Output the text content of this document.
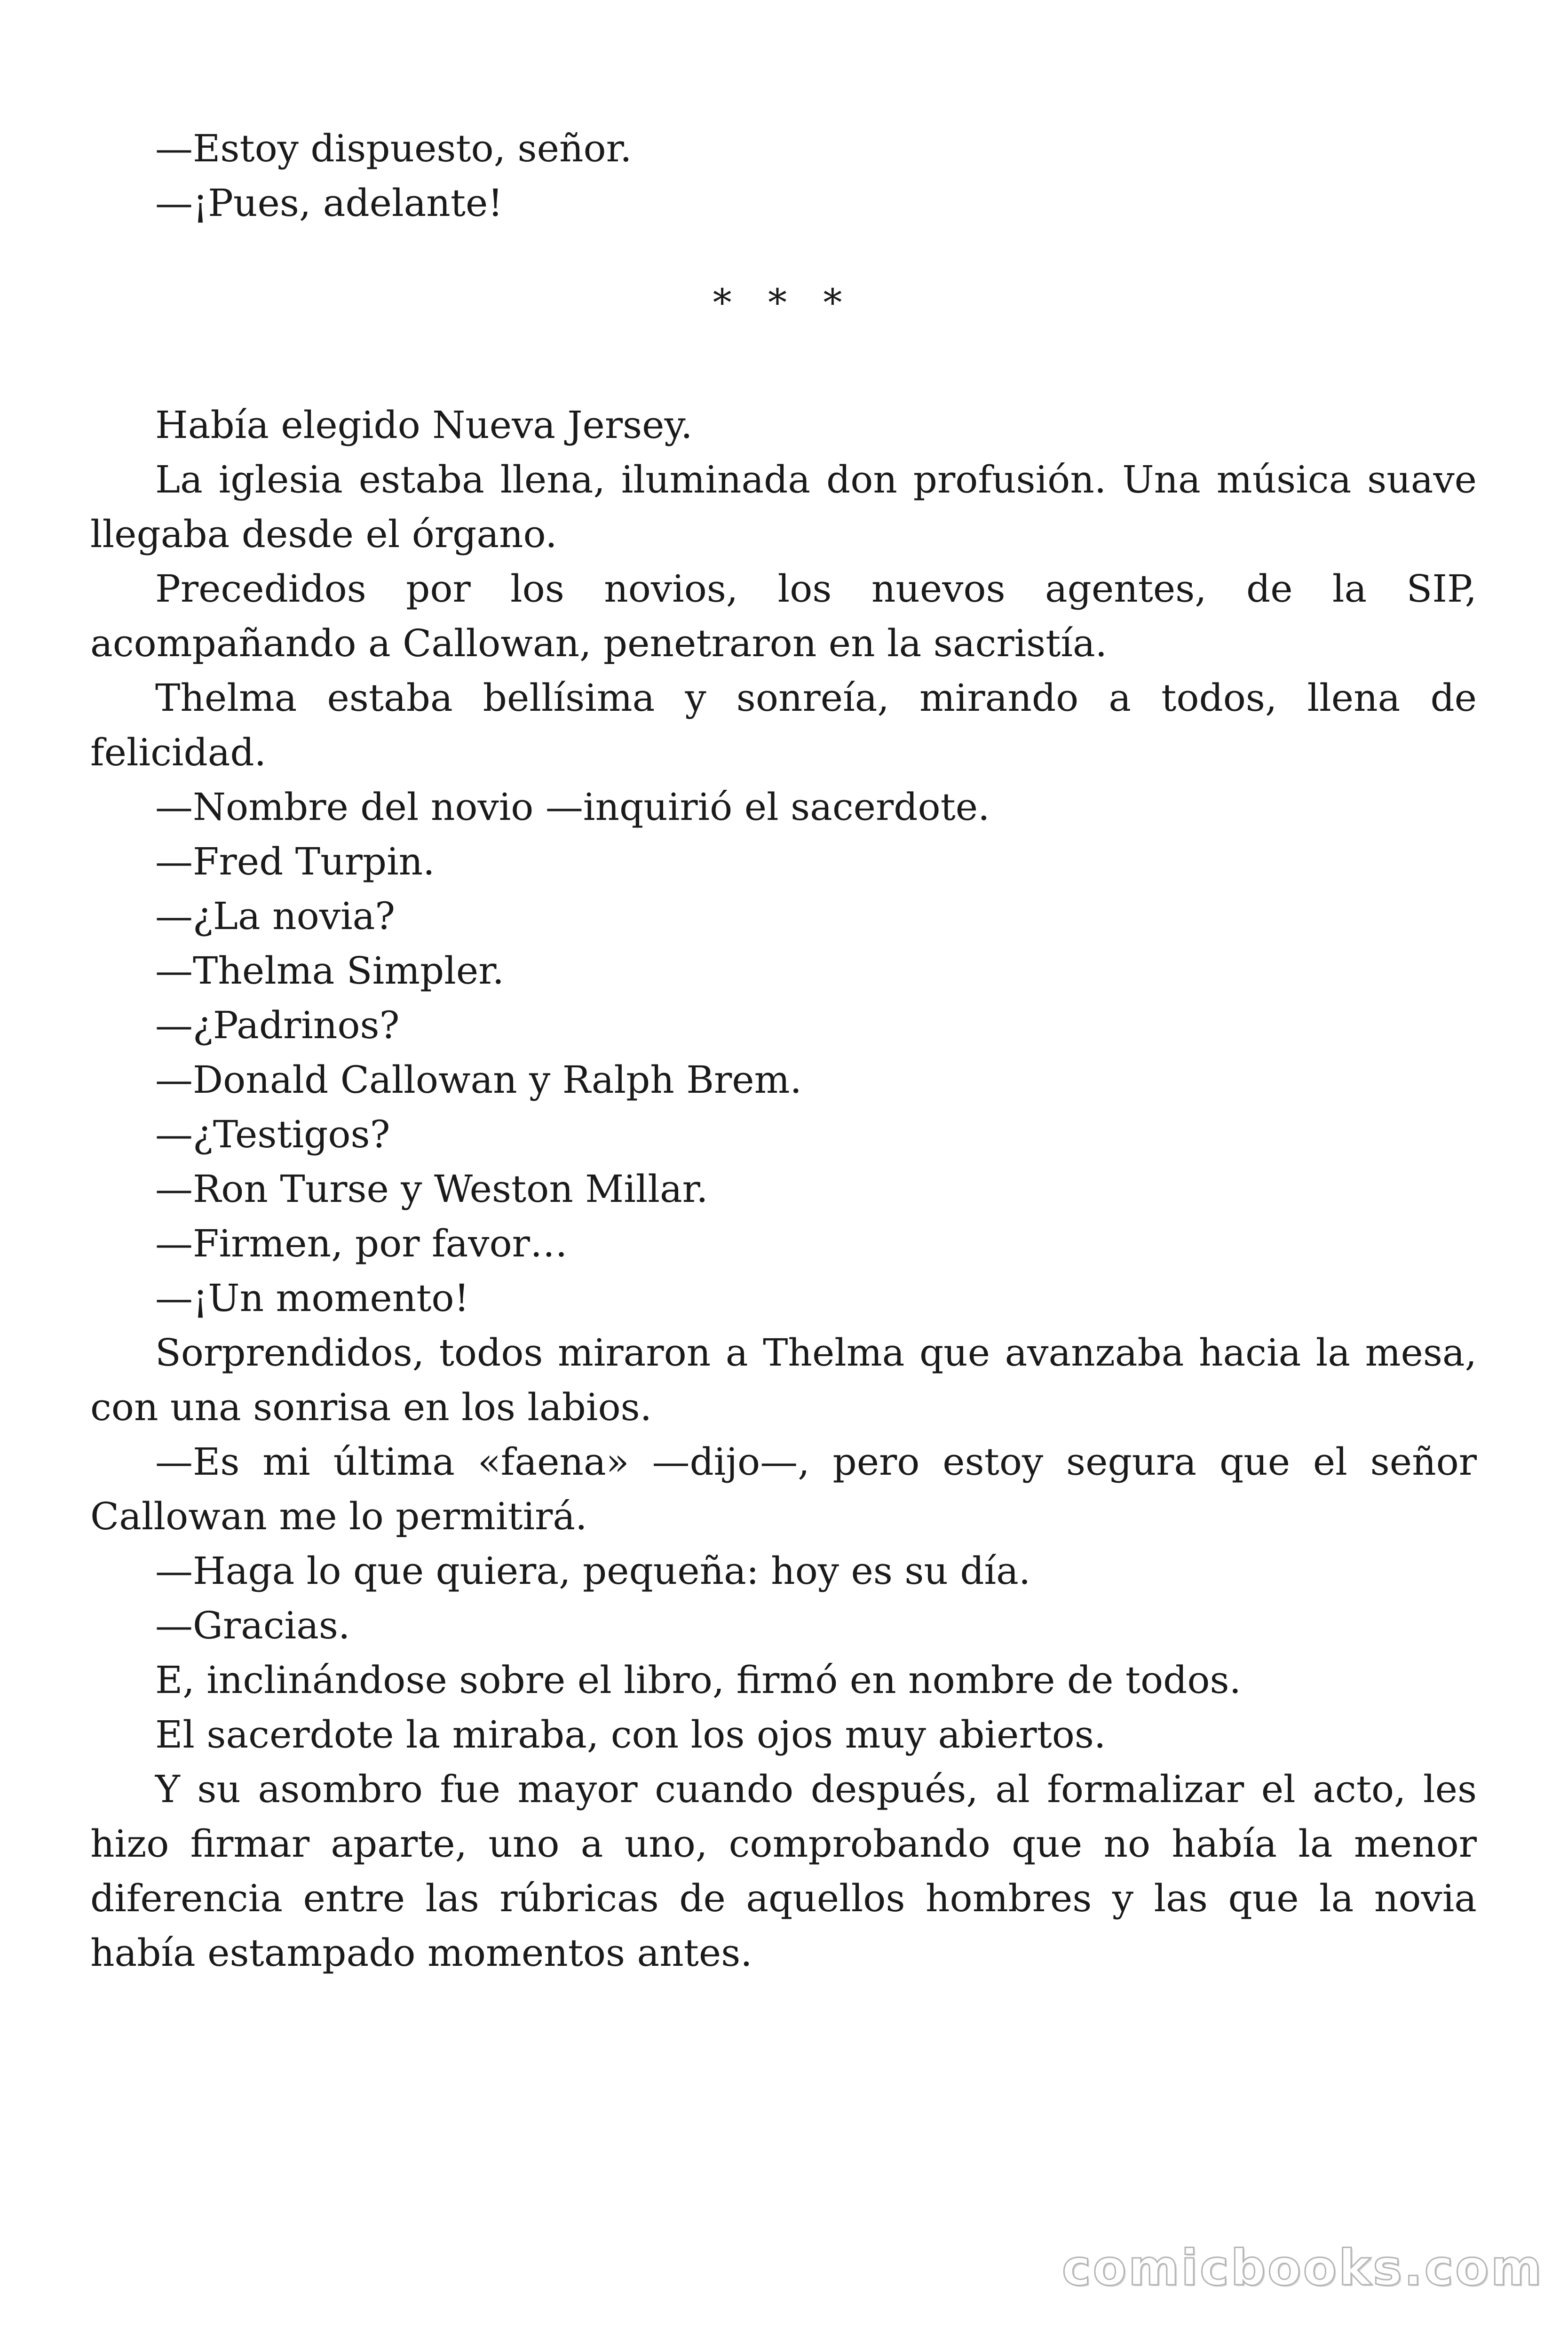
—Estoy dispuesto, señor.

—¡Pues, adelante!

* * *

Había elegido Nueva Jersey.

La iglesia estaba llena, iluminada don profusión. Una música suave llegaba desde el órgano.

Precedidos por los novios, los nuevos agentes, de la SIP, acompañando a Callowan, penetraron en la sacristía.

Thelma estaba bellísima y sonreía, mirando a todos, llena de felicidad.

—Nombre del novio —inquirió el sacerdote.

—Fred Turpin.

—¿La novia?

—Thelma Simpler.

—¿Padrinos?

—Donald Callowan y Ralph Brem.

—¿Testigos?

—Ron Turse y Weston Millar.

—Firmen, por favor…

—¡Un momento!

Sorprendidos, todos miraron a Thelma que avanzaba hacia la mesa, con una sonrisa en los labios.

—Es mi última «faena» —dijo—, pero estoy segura que el señor Callowan me lo permitirá.

—Haga lo que quiera, pequeña: hoy es su día.

—Gracias.

E, inclinándose sobre el libro, firmó en nombre de todos.

El sacerdote la miraba, con los ojos muy abiertos.

Y su asombro fue mayor cuando después, al formalizar el acto, les hizo firmar aparte, uno a uno, comprobando que no había la menor diferencia entre las rúbricas de aquellos hombres y las que la novia había estampado momentos antes.

comicbooks.com
